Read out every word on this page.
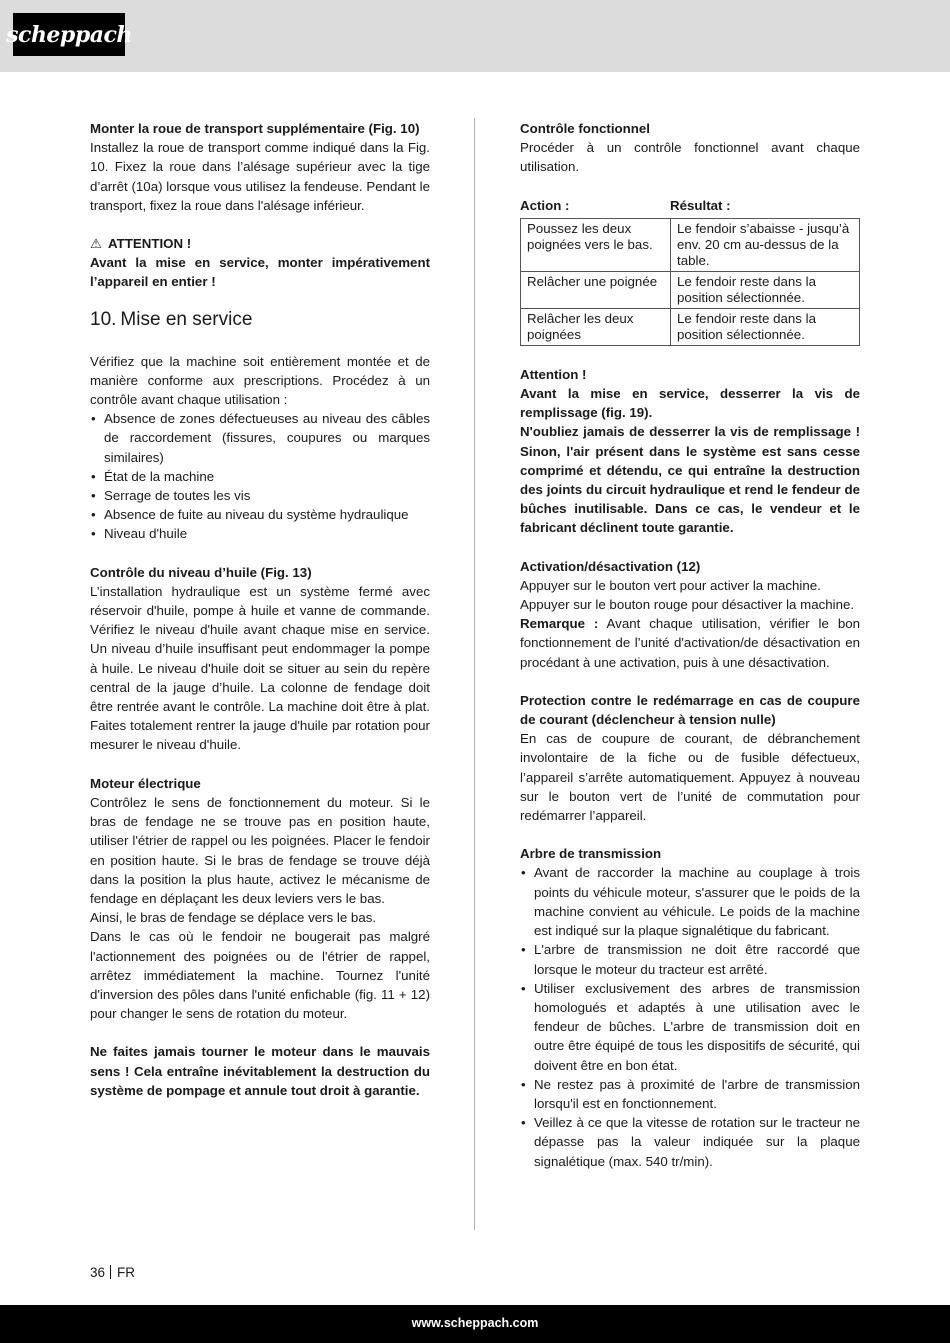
scheppach

Monter la roue de transport supplémentaire (Fig. 10)

Installez la roue de transport comme indiqué dans la Fig. 10. Fixez la roue dans l’alésage supérieur avec la tige d’arrêt (10a) lorsque vous utilisez la fendeuse. Pendant le transport, fixez la roue dans l'alésage inférieur.

⚠ ATTENTION !

Avant la mise en service, monter impérativement l’appareil en entier !

10. Mise en service

Vérifiez que la machine soit entièrement montée et de manière conforme aux prescriptions. Procédez à un contrôle avant chaque utilisation :

• Absence de zones défectueuses au niveau des câbles de raccordement (fissures, coupures ou marques similaires)
• État de la machine
• Serrage de toutes les vis
• Absence de fuite au niveau du système hydraulique
• Niveau d'huile

Contrôle du niveau d’huile (Fig. 13)

L’installation hydraulique est un système fermé avec réservoir d'huile, pompe à huile et vanne de commande. Vérifiez le niveau d'huile avant chaque mise en service. Un niveau d’huile insuffisant peut endommager la pompe à huile. Le niveau d'huile doit se situer au sein du repère central de la jauge d’huile. La colonne de fendage doit être rentrée avant le contrôle. La machine doit être à plat. Faites totalement rentrer la jauge d'huile par rotation pour mesurer le niveau d'huile.

Moteur électrique

Contrôlez le sens de fonctionnement du moteur. Si le bras de fendage ne se trouve pas en position haute, utiliser l'étrier de rappel ou les poignées. Placer le fendoir en position haute. Si le bras de fendage se trouve déjà dans la position la plus haute, activez le mécanisme de fendage en déplaçant les deux leviers vers le bas.

Ainsi, le bras de fendage se déplace vers le bas.

Dans le cas où le fendoir ne bougerait pas malgré l'actionnement des poignées ou de l'étrier de rappel, arrêtez immédiatement la machine. Tournez l'unité d'inversion des pôles dans l'unité enfichable (fig. 11 + 12) pour changer le sens de rotation du moteur.

Ne faites jamais tourner le moteur dans le mauvais sens ! Cela entraîne inévitablement la destruction du système de pompage et annule tout droit à garantie.

Contrôle fonctionnel

Procéder à un contrôle fonctionnel avant chaque utilisation.

Action :	Résultat :
Poussez les deux poignées vers le bas.	Le fendoir s’abaisse - jusqu’à env. 20 cm au-dessus de la table.
Relâcher une poignée	Le fendoir reste dans la position sélectionnée.
Relâcher les deux poignées	Le fendoir reste dans la position sélectionnée.

Attention !

Avant la mise en service, desserrer la vis de remplissage (fig. 19).

N'oubliez jamais de desserrer la vis de remplissage ! Sinon, l'air présent dans le système est sans cesse comprimé et détendu, ce qui entraîne la destruction des joints du circuit hydraulique et rend le fendeur de bûches inutilisable. Dans ce cas, le vendeur et le fabricant déclinent toute garantie.

Activation/désactivation (12)

Appuyer sur le bouton vert pour activer la machine.

Appuyer sur le bouton rouge pour désactiver la machine.

Remarque : Avant chaque utilisation, vérifier le bon fonctionnement de l’unité d'activation/de désactivation en procédant à une activation, puis à une désactivation.

Protection contre le redémarrage en cas de coupure de courant (déclencheur à tension nulle)

En cas de coupure de courant, de débranchement involontaire de la fiche ou de fusible défectueux, l’appareil s’arrête automatiquement. Appuyez à nouveau sur le bouton vert de l’unité de commutation pour redémarrer l’appareil.

Arbre de transmission

• Avant de raccorder la machine au couplage à trois points du véhicule moteur, s'assurer que le poids de la machine convient au véhicule. Le poids de la machine est indiqué sur la plaque signalétique du fabricant.
• L'arbre de transmission ne doit être raccordé que lorsque le moteur du tracteur est arrêté.
• Utiliser exclusivement des arbres de transmission homologués et adaptés à une utilisation avec le fendeur de bûches. L'arbre de transmission doit en outre être équipé de tous les dispositifs de sécurité, qui doivent être en bon état.
• Ne restez pas à proximité de l'arbre de transmission lorsqu'il est en fonctionnement.
• Veillez à ce que la vitesse de rotation sur le tracteur ne dépasse pas la valeur indiquée sur la plaque signalétique (max. 540 tr/min).
36 FR
www.scheppach.com
